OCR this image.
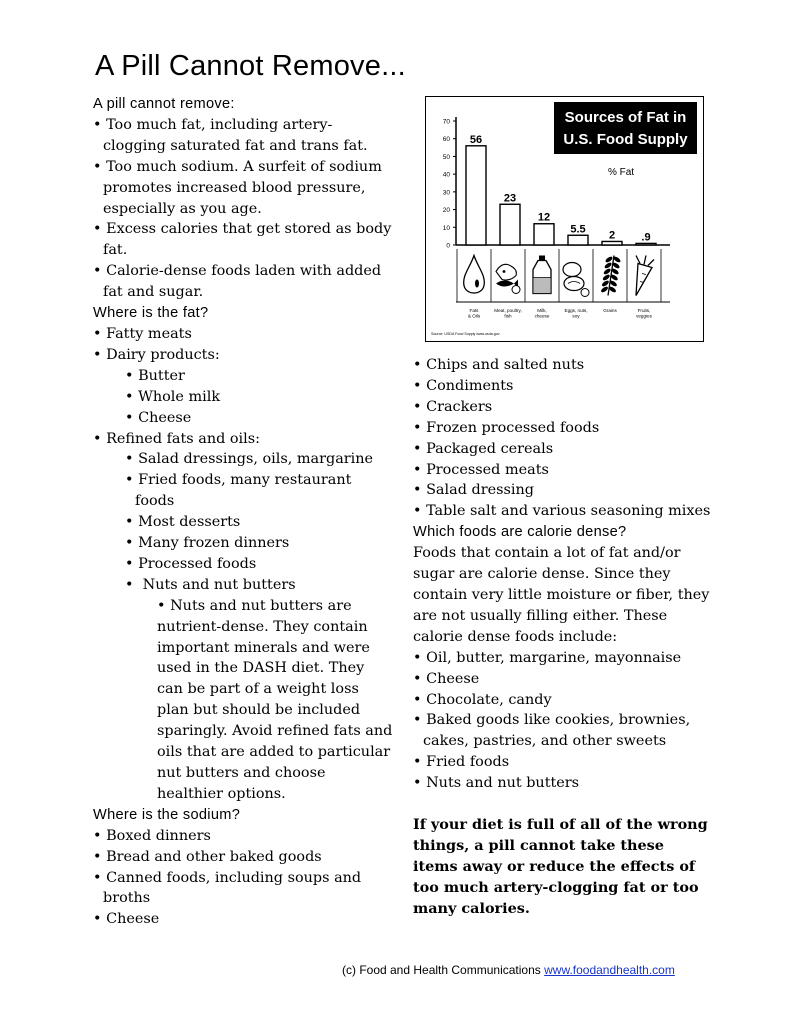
A Pill Cannot Remove...
A pill cannot remove:
• Too much fat, including artery-clogging saturated fat and trans fat.
• Too much sodium. A surfeit of sodium promotes increased blood pressure, especially as you age.
• Excess calories that get stored as body fat.
• Calorie-dense foods laden with added fat and sugar.
Where is the fat?
• Fatty meats
• Dairy products:
• Butter
• Whole milk
• Cheese
• Refined fats and oils:
• Salad dressings, oils, margarine
• Fried foods, many restaurant foods
• Most desserts
• Many frozen dinners
• Processed foods
•  Nuts and nut butters
• Nuts and nut butters are nutrient-dense. They contain important minerals and were used in the DASH diet. They can be part of a weight loss plan but should be included sparingly. Avoid refined fats and oils that are added to particular nut butters and choose healthier options.
Where is the sodium?
• Boxed dinners
• Bread and other baked goods
• Canned foods, including soups and broths
• Cheese
Sources of Fat in
U.S. Food Supply
% Fat
0
10
20
30
40
50
60
70
56
23
12
5.5
2 .9
Fats & Oils
Meat, poultry, fish
Milk, cheese
Eggs, nuts, soy
Grains	Fruits, veggies
Source: USDA Food Supply www.usda.gov
• Chips and salted nuts
• Condiments
• Crackers
• Frozen processed foods
• Packaged cereals
• Processed meats
• Salad dressing
• Table salt and various seasoning mixes
Which foods are calorie dense?

Foods that contain a lot of fat and/or sugar are calorie dense. Since they contain very little moisture or fiber, they are not usually filling either. These calorie dense foods include:

• Oil, butter, margarine, mayonnaise
• Cheese
• Chocolate, candy
• Baked goods like cookies, brownies, cakes, pastries, and other sweets
• Fried foods
• Nuts and nut butters

If your diet is full of all of the wrong things, a pill cannot take these items away or reduce the effects of too much artery-clogging fat or too many calories.

(c) Food and Health Communications www.foodandhealth.com
